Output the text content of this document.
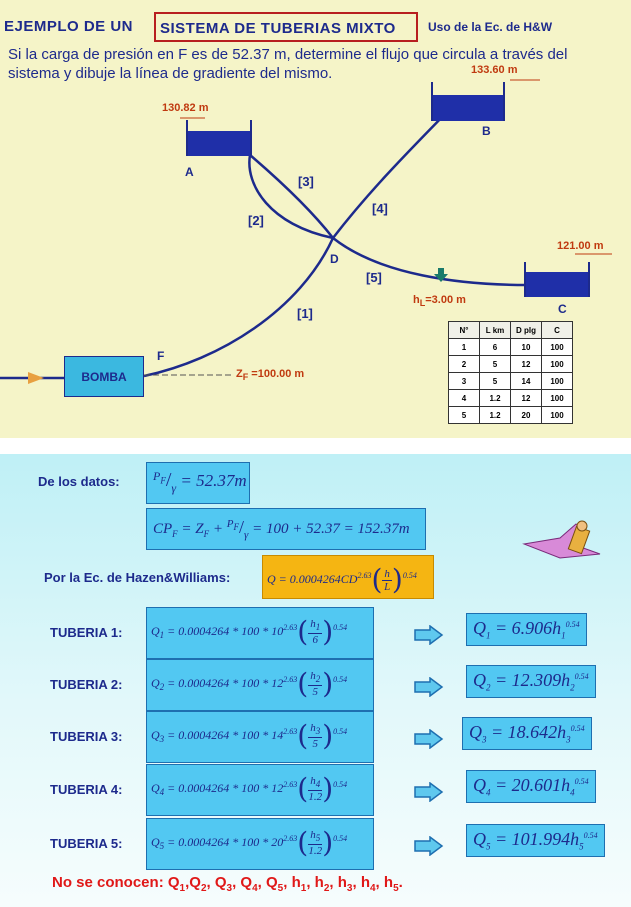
EJEMPLO DE UN	SISTEMA DE TUBERIAS MIXTO	Uso de la Ec. de H&W
Si la carga de presión en F es de 52.37 m, determine el flujo que circula a través del sistema y dibuje la línea de gradiente del mismo.
130.82 m
133.60 m
121.00 m
A
B
C
D
F
[1]
[2]
[3]
[4]
[5]
$h_L=3.00$ m
$Z_F =100.00$ m
BOMBA
N°	L km	D plg	C
1	6	10	100
2	5	12	100
3	5	14	100
4	1.2	12	100
5	1.2	20	100
De los datos:	$P_F/\gamma = 52.37m$
$CP_F = Z_F + P_F/\gamma = 100 + 52.37 = 152.37m$
Por la Ec. de Hazen&Williams:	$Q = 0.0004264CD^{2.63}( \frac{h}{L} )^{0.54}$
TUBERIA 1:	$Q_1 = 0.0004264 * 100 * 10^{2.63}( \frac{h_1}{6} )^{0.54}$	$Q_1 = 6.906h_1^{0.54}$
TUBERIA 2:	$Q_2 = 0.0004264 * 100 * 12^{2.63}( \frac{h_2}{5} )^{0.54}$	$Q_2 = 12.309h_2^{0.54}$
TUBERIA 3:	$Q_3 = 0.0004264 * 100 * 14^{2.63}( \frac{h_3}{5} )^{0.54}$	$Q_3 = 18.642h_3^{0.54}$
TUBERIA 4:	$Q_4 = 0.0004264 * 100 * 12^{2.63}( \frac{h_4}{1.2} )^{0.54}$	$Q_4 = 20.601h_4^{0.54}$
TUBERIA 5:	$Q_5 = 0.0004264 * 100 * 20^{2.63}( \frac{h_5}{1.2} )^{0.54}$	$Q_5 = 101.994h_5^{0.54}$
No se conocen: $Q_1,Q_2$, $Q_3$, $Q_4$, $Q_5$, $h_1$, $h_2$, $h_3$, $h_4$, $h_5$.
